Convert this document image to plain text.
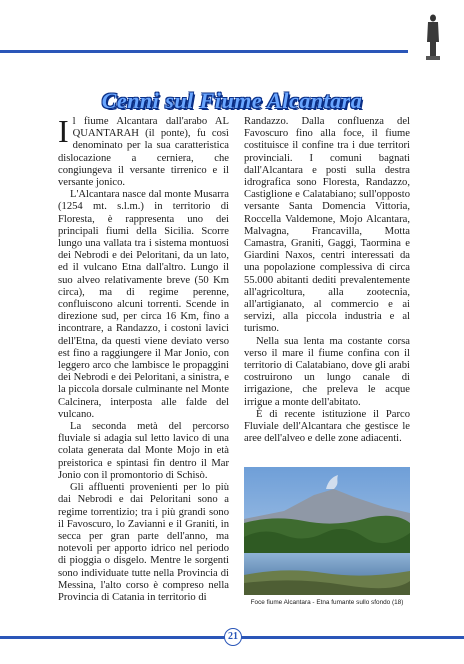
Cenni sul Fiume Alcantara

Il fiume Alcantara dall'arabo AL QUANTARAH (il ponte), fu così denominato per la sua caratteristica dislocazione a cerniera, che congiungeva il versante tirrenico e il versante jonico.

L'Alcantara nasce dal monte Musarra (1254 mt. s.l.m.) in territorio di Floresta, è rappresenta uno dei principali fiumi della Sicilia. Scorre lungo una vallata tra i sistema montuosi dei Nebrodi e dei Peloritani, da un lato, ed il vulcano Etna dall'altro. Lungo il suo alveo relativamente breve (50 Km circa), ma di regime perenne, confluiscono alcuni torrenti. Scende in direzione sud, per circa 16 Km, fino a incontrare, a Randazzo, i costoni lavici dell'Etna, da questi viene deviato verso est fino a raggiungere il Mar Jonio, con leggero arco che lambisce le propaggini dei Nebrodi e dei Peloritani, a sinistra, e la piccola dorsale culminante nel Monte Calcinera, interposta alle falde del vulcano.

La seconda metà del percorso fluviale si adagia sul letto lavico di una colata generata dal Monte Mojo in età preistorica e spintasi fin dentro il Mar Jonio con il promontorio di Schisò.

Gli affluenti provenienti per lo più dai Nebrodi e dai Peloritani sono a regime torrentizio; tra i più grandi sono il Favoscuro, lo Zavianni e il Graniti, in secca per gran parte dell'anno, ma notevoli per apporto idrico nel periodo di pioggia o disgelo. Mentre le sorgenti sono individuate tutte nella Provincia di Messina, l'alto corso è compreso nella Provincia di Catania in territorio di

Randazzo. Dalla confluenza del Favoscuro fino alla foce, il fiume costituisce il confine tra i due territori provinciali. I comuni bagnati dall'Alcantara e posti sulla destra idrografica sono Floresta, Randazzo, Castiglione e Calatabiano; sull'opposto versante Santa Domencia Vittoria, Roccella Valdemone, Mojo Alcantara, Malvagna, Francavilla, Motta Camastra, Graniti, Gaggi, Taormina e Giardini Naxos, centri interessati da una popolazione complessiva di circa 55.000 abitanti dediti prevalentemente all'agricoltura, alla zootecnia, all'artigianato, al commercio e ai servizi, alla piccola industria e al turismo.

Nella sua lenta ma costante corsa verso il mare il fiume confina con il territorio di Calatabiano, dove gli arabi costruirono un lungo canale di irrigazione, che preleva le acque irrigue a monte dell'abitato.

È di recente istituzione il Parco Fluviale dell'Alcantara che gestisce le aree dell'alveo e delle zone adiacenti.

Foce fiume Alcantara - Etna fumante sullo sfondo (18)
21
